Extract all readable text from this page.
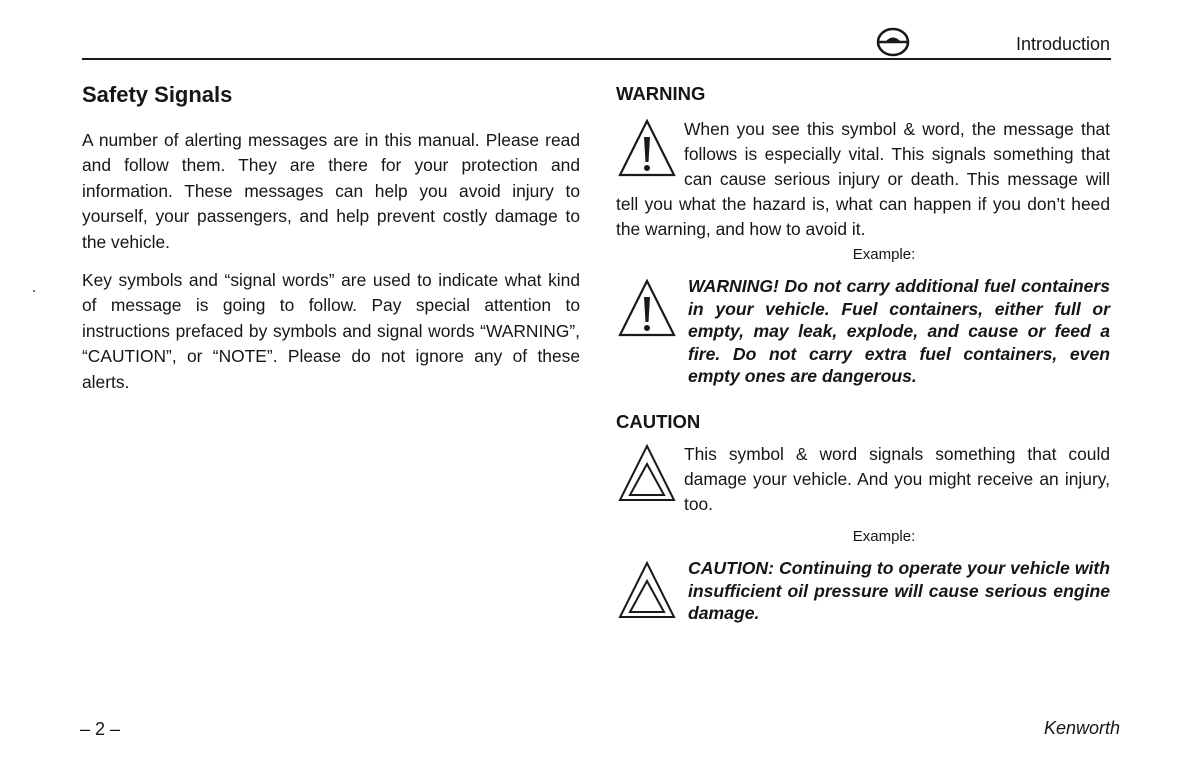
Introduction
Safety Signals

A number of alerting messages are in this manual. Please read and follow them. They are there for your protection and information. These messages can help you avoid injury to yourself, your passengers, and help prevent costly damage to the vehicle.

Key symbols and “signal words” are used to indicate what kind of message is going to follow. Pay special attention to instructions prefaced by symbols and signal words “WARNING”, “CAUTION”, or “NOTE”. Please do not ignore any of these alerts.

WARNING
When you see this symbol & word, the message that follows is especially vital. This signals something that can cause serious injury or death. This message will tell you what the hazard is, what can happen if you don’t heed the warning, and how to avoid it.
Example:
WARNING! Do not carry additional fuel containers in your vehicle. Fuel containers, either full or empty, may leak, explode, and cause or feed a fire. Do not carry extra fuel containers, even empty ones are dangerous.
CAUTION
This symbol & word signals something that could damage your vehicle. And you might receive an injury, too.
Example:
CAUTION: Continuing to operate your vehicle with insufficient oil pressure will cause serious engine damage.
– 2 –	Kenworth
